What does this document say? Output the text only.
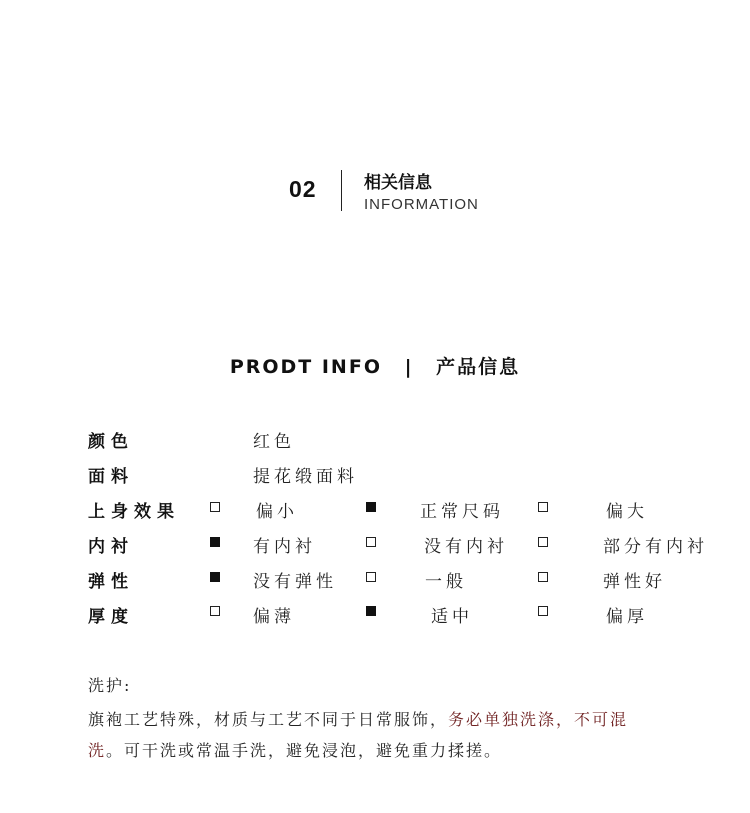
02	相关信息
INFORMATION
PRODT INFO | 产品信息
颜色	红色
面料	提花缎面料
上身效果	偏小	正常尺码	偏大
内衬	有内衬	没有内衬	部分有内衬
弹性	没有弹性	一般	弹性好
厚度	偏薄	适中	偏厚
洗护:
旗袍工艺特殊，材质与工艺不同于日常服饰，务必单独洗涤，不可混
洗。可干洗或常温手洗，避免浸泡，避免重力揉搓。
